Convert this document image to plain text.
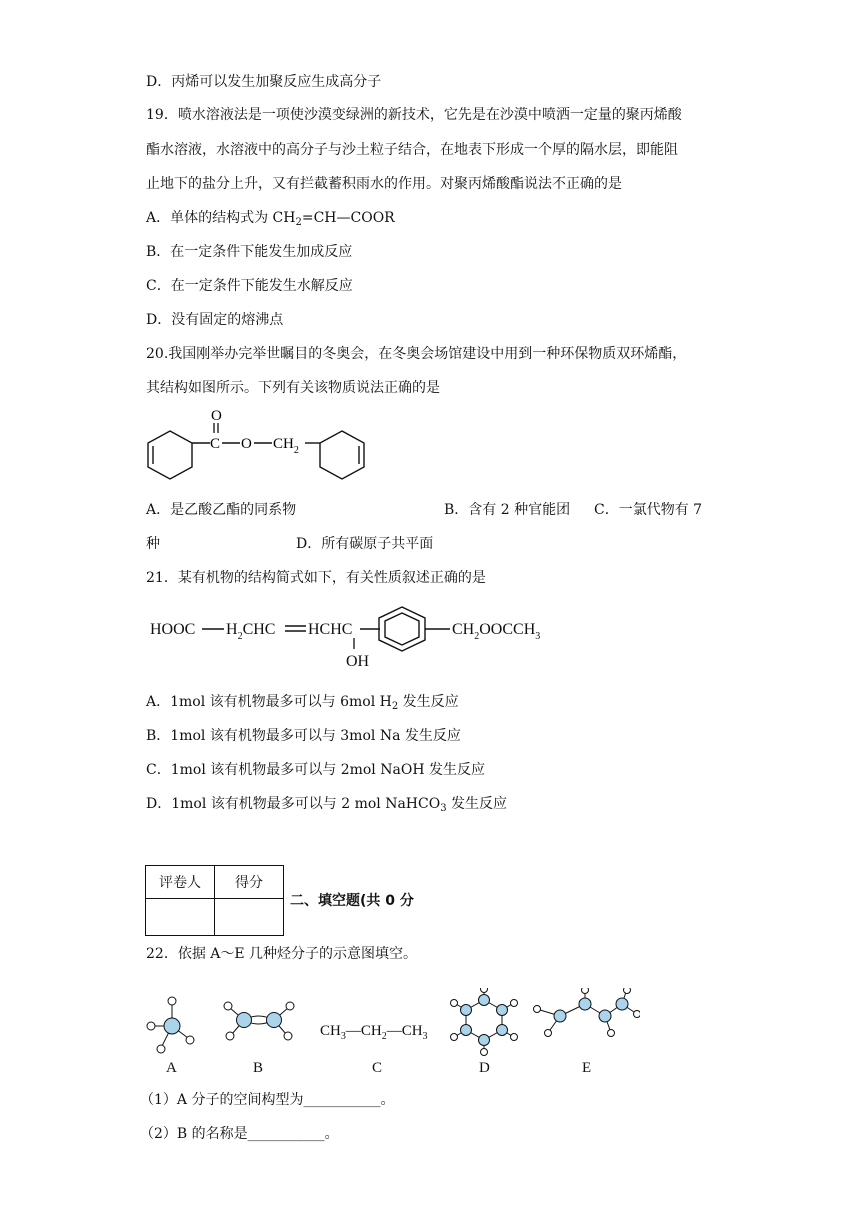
D．丙烯可以发生加聚反应生成高分子
19．喷水溶液法是一项使沙漠变绿洲的新技术，它先是在沙漠中喷洒一定量的聚丙烯酸
酯水溶液，水溶液中的高分子与沙土粒子结合，在地表下形成一个厚的隔水层，即能阻
止地下的盐分上升，又有拦截蓄积雨水的作用。对聚丙烯酸酯说法不正确的是
A．单体的结构式为 $CH_2=CH—COOR$
B．在一定条件下能发生加成反应
C．在一定条件下能发生水解反应
D．没有固定的熔沸点
20.我国刚举办完举世瞩目的冬奥会，在冬奥会场馆建设中用到一种环保物质双环烯酯，
其结构如图所示。下列有关该物质说法正确的是
O
C O $CH_2$
A．是乙酸乙酯的同系物	B．含有 2 种官能团 C．一氯代物有 7
种	D．所有碳原子共平面
21．某有机物的结构简式如下，有关性质叙述正确的是
HOOC $H_2CHC$ HCHC
OH
$CH_2OOCCH_3$
A．1mol 该有机物最多可以与 6mol $H_2$ 发生反应
B．1mol 该有机物最多可以与 3mol Na 发生反应
C．1mol 该有机物最多可以与 2mol NaOH 发生反应
D．1mol 该有机物最多可以与 2 mol NaHCO$_3$ 发生反应
评卷人	得分

二、填空题(共 0 分
22．依据 A～E 几种烃分子的示意图填空。
$CH_3—CH_2—CH_3$
A	B	C	D	E
（1）A 分子的空间构型为___________。
（2）B 的名称是___________。
